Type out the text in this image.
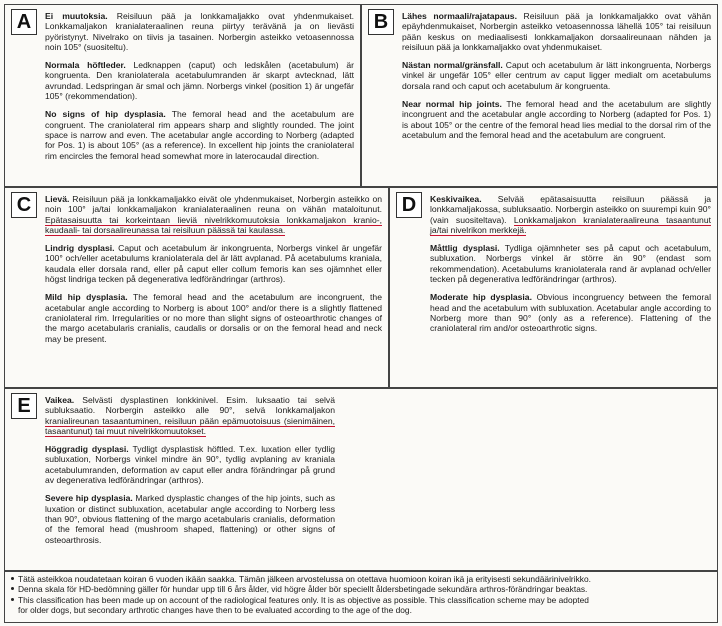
A	Ei muutoksia. Reisiluun pää ja lonkkamaljakko ovat yhdenmukaiset. Lonkkamaljakon kranialateraalinen reuna piirtyy terävänä ja on lievästi pyöristynyt. Nivelrako on tiivis ja tasainen. Norbergin asteikko vetoasennossa noin 105° (suositeltu).

Normala höftleder. Ledknappen (caput) och ledskålen (acetabulum) är kongruenta. Den kraniolaterala acetabulumranden är skarpt avtecknad, lätt avrundad. Ledspringan är smal och jämn. Norbergs vinkel (position 1) är ungefär 105° (rekommendation).

No signs of hip dysplasia. The femoral head and the acetabulum are congruent. The craniolateral rim appears sharp and slightly rounded. The joint space is narrow and even. The acetabular angle according to Norberg (adapted for Pos. 1) is about 105° (as a reference). In excellent hip joints the craniolateral rim encircles the femoral head somewhat more in laterocaudal direction.

B	Lähes normaali/rajatapaus. Reisiluun pää ja lonkkamaljakko ovat vähän epäyhdenmukaiset, Norbergin asteikko vetoasennossa lähellä 105° tai reisiluun pään keskus on mediaalisesti lonkkamaljakon dorsaalireunaan nähden ja reisiluun pää ja lonkkamaljakko ovat yhdenmukaiset.

Nästan normal/gränsfall. Caput och acetabulum är lätt inkongruenta, Norbergs vinkel är ungefär 105° eller centrum av caput ligger medialt om acetabulums dorsala rand och caput och acetabulum är kongruenta.

Near normal hip joints. The femoral head and the acetabulum are slightly incongruent and the acetabular angle according to Norberg (adapted for Pos. 1) is about 105° or the centre of the femoral head lies medial to the dorsal rim of the acetabulum and the femoral head and the acetabulum are congruent.

C	Lievä. Reisiluun pää ja lonkkamaljakko eivät ole yhdenmukaiset, Norbergin asteikko on noin 100° ja/tai lonkkamaljakon kranialateraalinen reuna on vähän mataloitunut. Epätasaisuutta tai korkeintaan lieviä nivelrikkomuutoksia lonkkamaljakon kranio-, kaudaali- tai dorsaalireunassa tai reisiluun päässä tai kaulassa.

Lindrig dysplasi. Caput och acetabulum är inkongruenta, Norbergs vinkel är ungefär 100° och/eller acetabulums kraniolaterala del är lätt avplanad. På acetabulums kraniala, kaudala eller dorsala rand, eller på caput eller collum femoris kan ses ojämnhet eller högst lindriga tecken på degenerativa ledförändringar (arthros).

Mild hip dysplasia. The femoral head and the acetabulum are incongruent, the acetabular angle according to Norberg is about 100° and/or there is a slightly flattened craniolateral rim. Irregularities or no more than slight signs of osteoarthrotic changes of the margo acetabularis cranialis, caudalis or dorsalis or on the femoral head and neck may be present.

D	Keskivaikea. Selvää epätasaisuutta reisiluun päässä ja lonkkamaljakossa, subluksaatio. Norbergin asteikko on suurempi kuin 90° (vain suositeltava). Lonkkamaljakon kranialateraalireuna tasaantunut ja/tai nivelrikon merkkejä.

Måttlig dysplasi. Tydliga ojämnheter ses på caput och acetabulum, subluxation. Norbergs vinkel är större än 90° (endast som rekommendation). Acetabulums kraniolaterala rand är avplanad och/eller tecken på degenerativa ledförändringar (arthros).

Moderate hip dysplasia. Obvious incongruency between the femoral head and the acetabulum with subluxation. Acetabular angle according to Norberg more than 90° (only as a reference). Flattening of the craniolateral rim and/or osteoarthrotic signs.

E	Vaikea. Selvästi dysplastinen lonkkinivel. Esim. luksaatio tai selvä subluksaatio. Norbergin asteikko alle 90°, selvä lonkkamaljakon kranialireunan tasaantuminen, reisiluun pään epämuotoisuus (sienimäinen, tasaantunut) tai muut nivelrikkomuutokset.

Höggradig dysplasi. Tydligt dysplastisk höftled. T.ex. luxation eller tydlig subluxation, Norbergs vinkel mindre än 90°, tydlig avplaning av kraniala acetabulumranden, deformation av caput eller andra förändringar på grund av degenerativa ledförändringar (arthros).

Severe hip dysplasia. Marked dysplastic changes of the hip joints, such as luxation or distinct subluxation, acetabular angle according to Norberg less than 90°, obvious flattening of the margo acetabularis cranialis, deformation of the femoral head (mushroom shaped, flattening) or other signs of osteoarthrosis.

Tätä asteikkoa noudatetaan koiran 6 vuoden ikään saakka. Tämän jälkeen arvostelussa on otettava huomioon koiran ikä ja erityisesti sekundäärinivelrikko.

Denna skala för HD-bedömning gäller för hundar upp till 6 års ålder, vid högre ålder bör speciellt åldersbetingade sekundära arthros-förändringar beaktas.

This classification has been made up on account of the radiological features only. It is as objective as possible. This classification scheme may be adopted

for older dogs, but secondary arthrotic changes have then to be evaluated according to the age of the dog.
